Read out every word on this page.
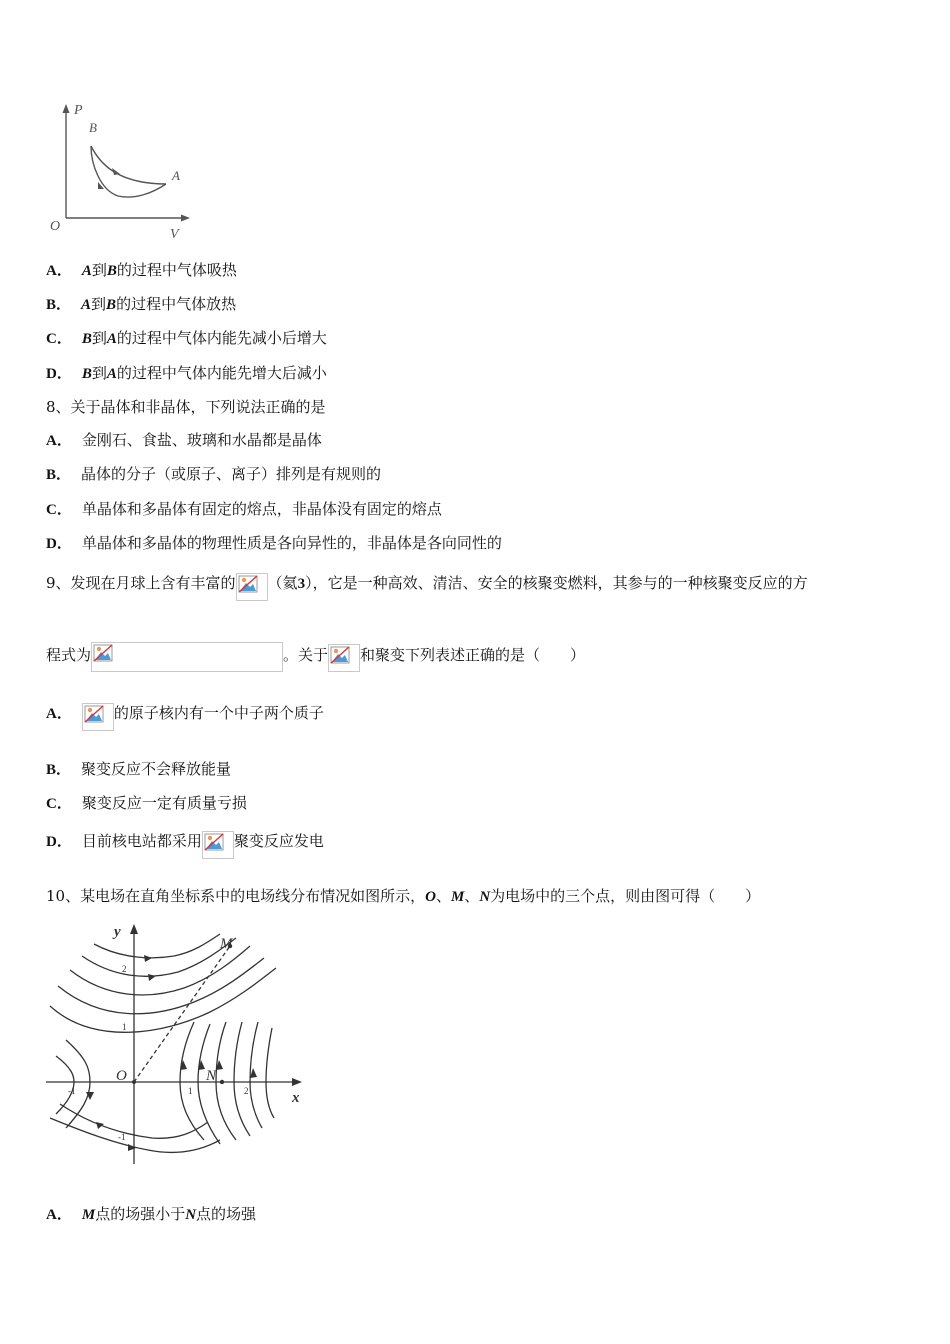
P
B
A
O
V
A． A到B的过程中气体吸热
B． A到B的过程中气体放热
C． B到A的过程中气体内能先减小后增大
D． B到A的过程中气体内能先增大后减小
8、关于晶体和非晶体，下列说法正确的是
A． 金刚石、食盐、玻璃和水晶都是晶体
B． 晶体的分子（或原子、离子）排列是有规则的
C． 单晶体和多晶体有固定的熔点，非晶体没有固定的熔点
D． 单晶体和多晶体的物理性质是各向异性的，非晶体是各向同性的
9、发现在月球上含有丰富的 （氦3），它是一种高效、清洁、安全的核聚变燃料，其参与的一种核聚变反应的方
程式为	。关于 和聚变下列表述正确的是（　　）
A．	的原子核内有一个中子两个质子
B． 聚变反应不会释放能量
C． 聚变反应一定有质量亏损
D． 目前核电站都采用 聚变反应发电
10、某电场在直角坐标系中的电场线分布情况如图所示，O、M、N为电场中的三个点，则由图可得（　　）
y
x
O
M
N
1	2
-1
2
1
-1
A． M点的场强小于N点的场强
